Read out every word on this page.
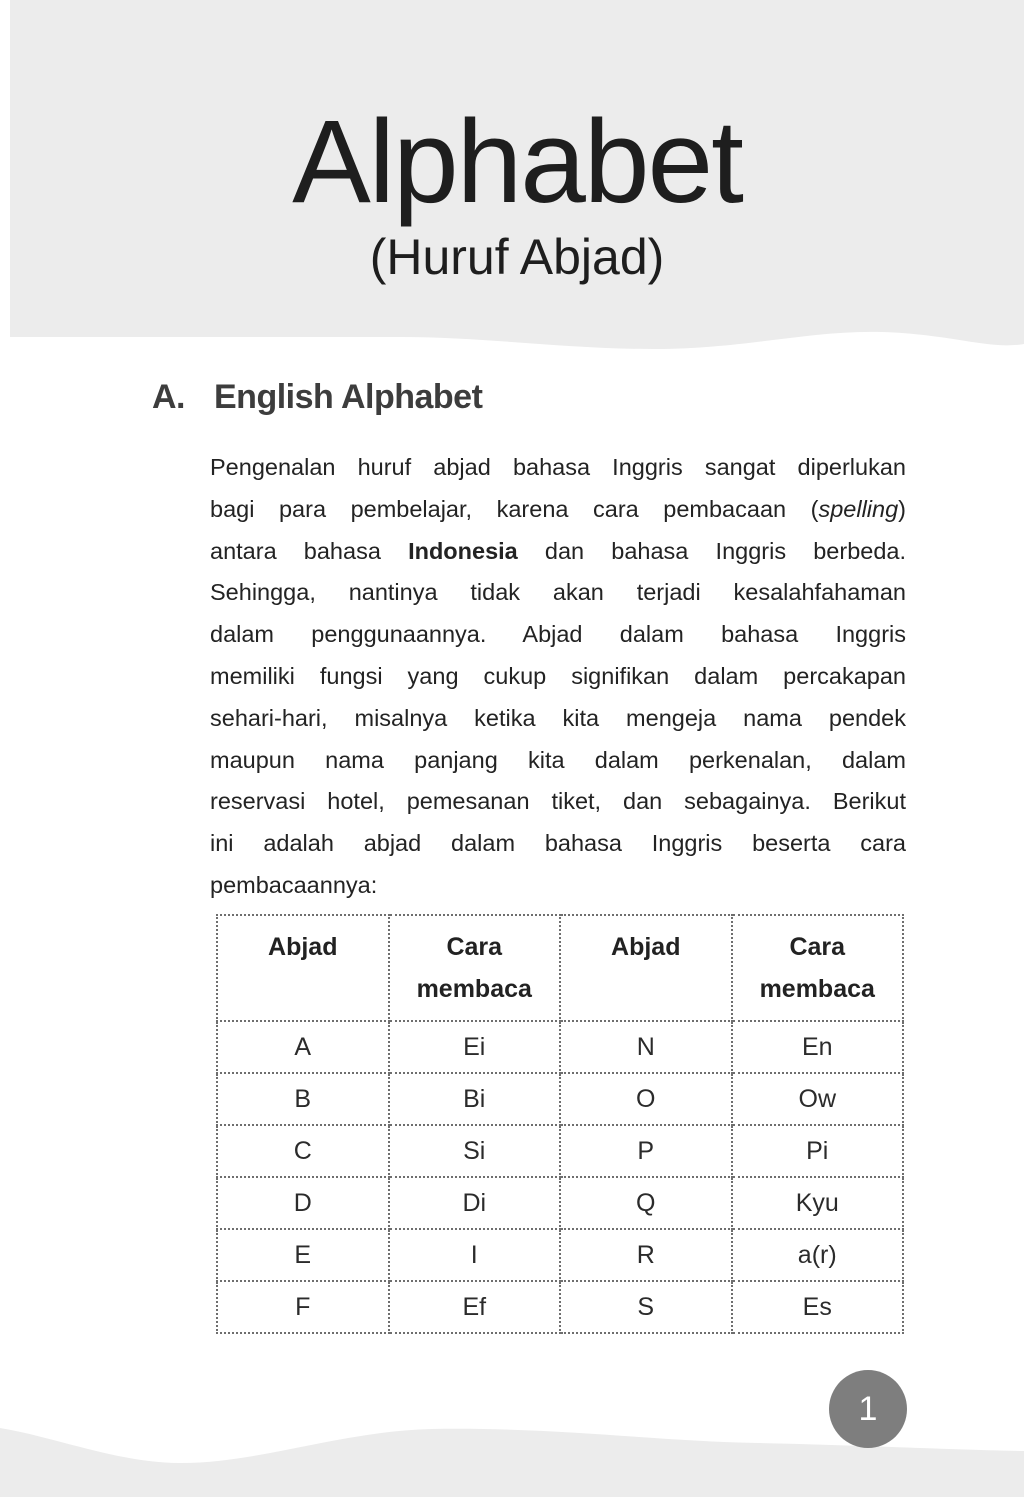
Alphabet
(Huruf Abjad)
A. English Alphabet
Pengenalan huruf abjad bahasa Inggris sangat diperlukan
bagi para pembelajar, karena cara pembacaan (spelling)
antara bahasa Indonesia dan bahasa Inggris berbeda.
Sehingga, nantinya tidak akan terjadi kesalahfahaman
dalam penggunaannya. Abjad dalam bahasa Inggris
memiliki fungsi yang cukup signifikan dalam percakapan
sehari-hari, misalnya ketika kita mengeja nama pendek
maupun nama panjang kita dalam perkenalan, dalam
reservasi hotel, pemesanan tiket, dan sebagainya. Berikut
ini adalah abjad dalam bahasa Inggris beserta cara
pembacaannya:
Abjad	Cara membaca	Abjad	Cara membaca
A	Ei	N	En
B	Bi	O	Ow
C	Si	P	Pi
D	Di	Q	Kyu
E	I	R	a(r)
F	Ef	S	Es
1
